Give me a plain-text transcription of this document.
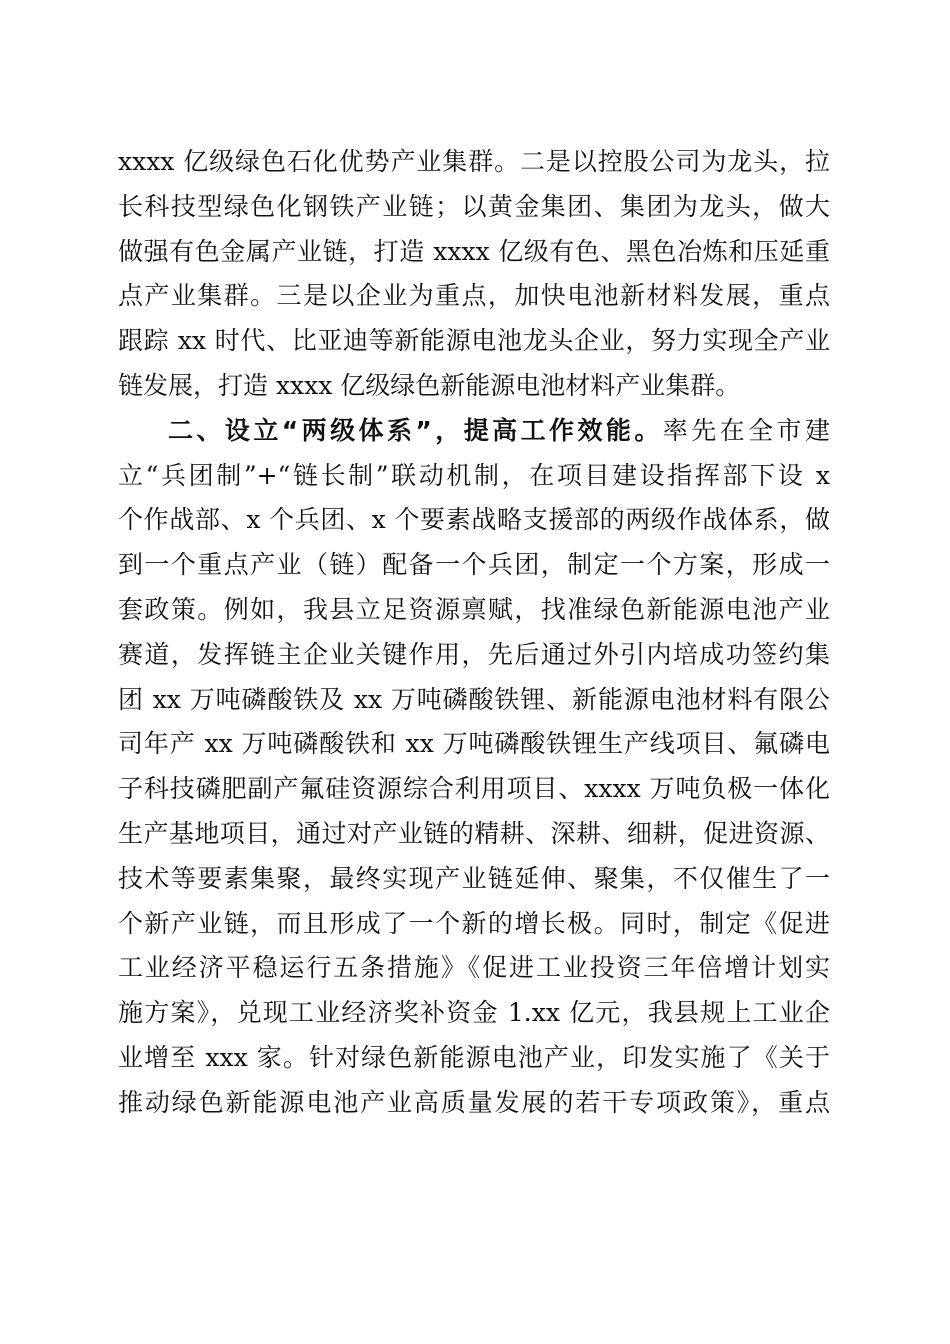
xxxx 亿级绿色石化优势产业集群。二是以控股公司为龙头，拉
长科技型绿色化钢铁产业链；以黄金集团、集团为龙头，做大
做强有色金属产业链，打造 xxxx 亿级有色、黑色冶炼和压延重
点产业集群。三是以企业为重点，加快电池新材料发展，重点
跟踪 xx 时代、比亚迪等新能源电池龙头企业，努力实现全产业
链发展，打造 xxxx 亿级绿色新能源电池材料产业集群。
二、设立“两级体系”，提高工作效能。率先在全市建
立“兵团制”+“链长制”联动机制，在项目建设指挥部下设 x
个作战部、x 个兵团、x 个要素战略支援部的两级作战体系，做
到一个重点产业（链）配备一个兵团，制定一个方案，形成一
套政策。例如，我县立足资源禀赋，找准绿色新能源电池产业
赛道，发挥链主企业关键作用，先后通过外引内培成功签约集
团 xx 万吨磷酸铁及 xx 万吨磷酸铁锂、新能源电池材料有限公
司年产 xx 万吨磷酸铁和 xx 万吨磷酸铁锂生产线项目、氟磷电
子科技磷肥副产氟硅资源综合利用项目、xxxx 万吨负极一体化
生产基地项目，通过对产业链的精耕、深耕、细耕，促进资源、
技术等要素集聚，最终实现产业链延伸、聚集，不仅催生了一
个新产业链，而且形成了一个新的增长极。同时，制定《促进
工业经济平稳运行五条措施》《促进工业投资三年倍增计划实
施方案》，兑现工业经济奖补资金 1.xx 亿元，我县规上工业企
业增至 xxx 家。针对绿色新能源电池产业，印发实施了《关于
推动绿色新能源电池产业高质量发展的若干专项政策》，重点
